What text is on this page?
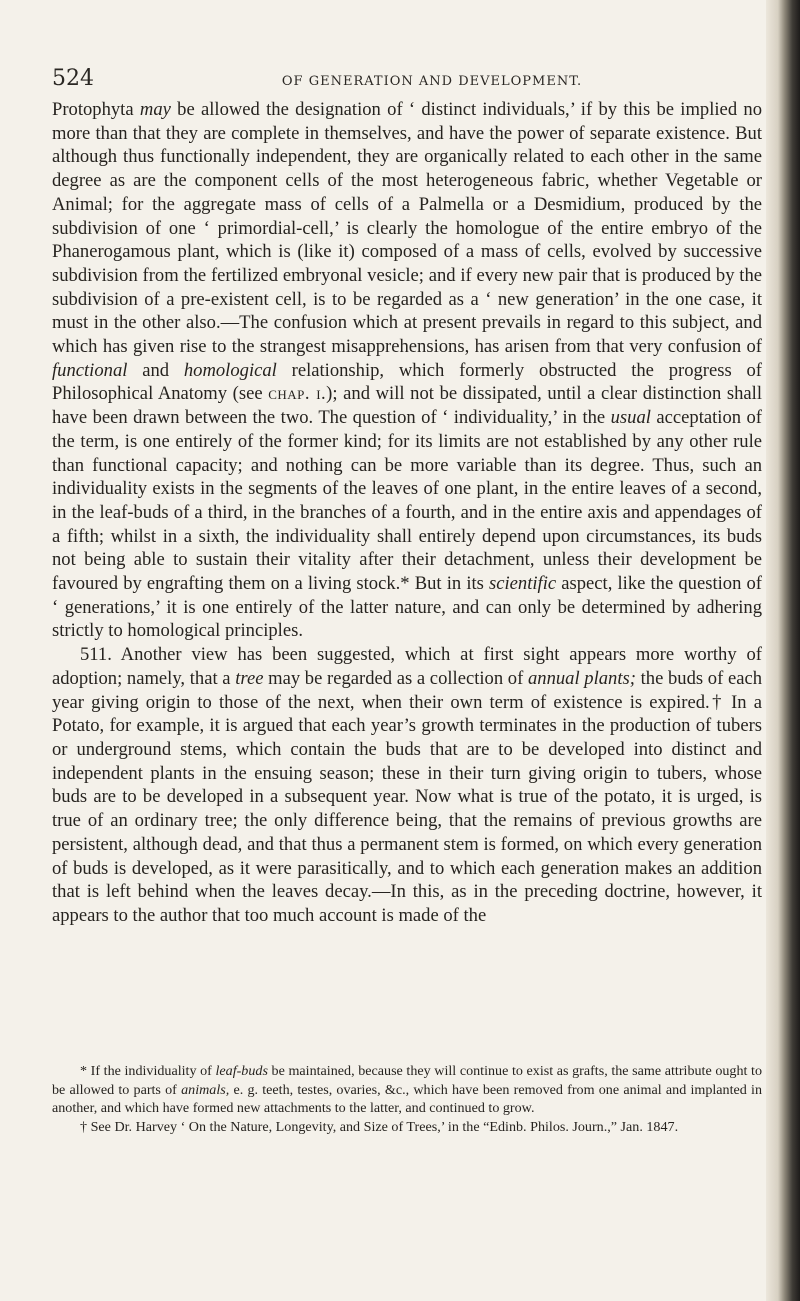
524	OF GENERATION AND DEVELOPMENT.

Protophyta may be allowed the designation of ‘ distinct individuals,’ if by this be implied no more than that they are complete in themselves, and have the power of separate existence. But although thus functionally independent, they are organically related to each other in the same degree as are the component cells of the most heterogeneous fabric, whether Vegetable or Animal; for the aggregate mass of cells of a Palmella or a Desmidium, produced by the subdivision of one ‘ primordial-cell,’ is clearly the homologue of the entire embryo of the Phanerogamous plant, which is (like it) composed of a mass of cells, evolved by successive subdivision from the fertilized embryonal vesicle; and if every new pair that is produced by the subdivision of a pre-existent cell, is to be regarded as a ‘ new generation’ in the one case, it must in the other also.—The confusion which at present prevails in regard to this subject, and which has given rise to the strangest misapprehensions, has arisen from that very confusion of functional and homological relationship, which formerly obstructed the progress of Philosophical Anatomy (see chap. i.); and will not be dissipated, until a clear distinction shall have been drawn between the two. The question of ‘ individuality,’ in the usual acceptation of the term, is one entirely of the former kind; for its limits are not established by any other rule than functional capacity; and nothing can be more variable than its degree. Thus, such an individuality exists in the segments of the leaves of one plant, in the entire leaves of a second, in the leaf-buds of a third, in the branches of a fourth, and in the entire axis and appendages of a fifth; whilst in a sixth, the individuality shall entirely depend upon circumstances, its buds not being able to sustain their vitality after their detachment, unless their development be favoured by engrafting them on a living stock.* But in its scientific aspect, like the question of ‘ generations,’ it is one entirely of the latter nature, and can only be determined by adhering strictly to homological principles.

511. Another view has been suggested, which at first sight appears more worthy of adoption; namely, that a tree may be regarded as a collection of annual plants; the buds of each year giving origin to those of the next, when their own term of existence is expired.† In a Potato, for example, it is argued that each year’s growth terminates in the production of tubers or underground stems, which contain the buds that are to be developed into distinct and independent plants in the ensuing season; these in their turn giving origin to tubers, whose buds are to be developed in a subsequent year. Now what is true of the potato, it is urged, is true of an ordinary tree; the only difference being, that the remains of previous growths are persistent, although dead, and that thus a permanent stem is formed, on which every generation of buds is developed, as it were parasitically, and to which each generation makes an addition that is left behind when the leaves decay.—In this, as in the preceding doctrine, however, it appears to the author that too much account is made of the

* If the individuality of leaf-buds be maintained, because they will continue to exist as grafts, the same attribute ought to be allowed to parts of animals, e. g. teeth, testes, ovaries, &c., which have been removed from one animal and implanted in another, and which have formed new attachments to the latter, and continued to grow.

† See Dr. Harvey ‘ On the Nature, Longevity, and Size of Trees,’ in the “Edinb. Philos. Journ.,” Jan. 1847.
